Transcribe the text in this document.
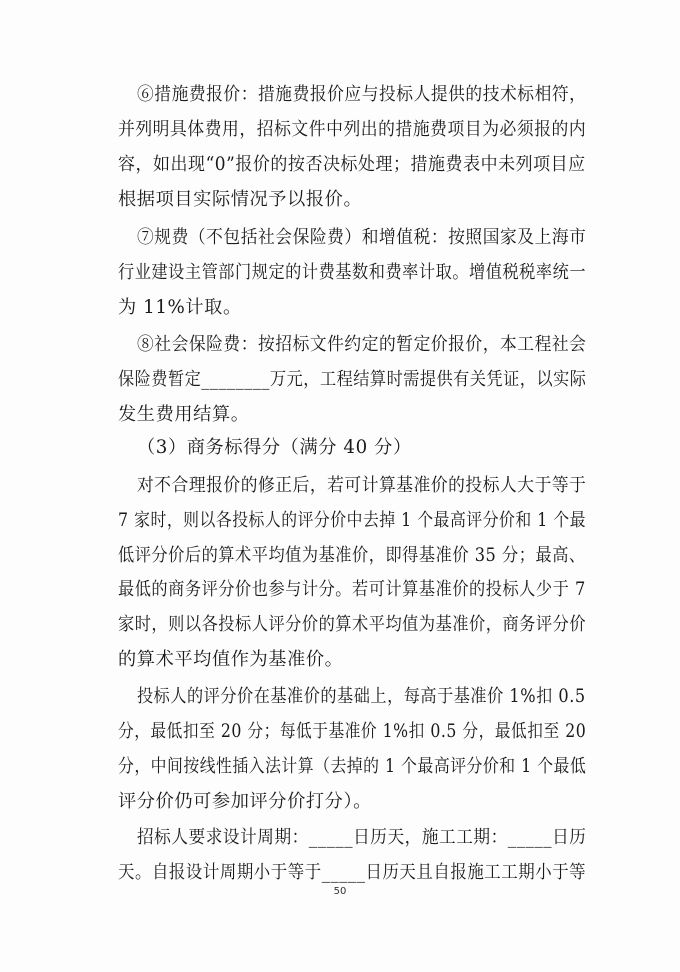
⑥措施费报价：措施费报价应与投标人提供的技术标相符，
并列明具体费用，招标文件中列出的措施费项目为必须报的内
容，如出现“0”报价的按否决标处理；措施费表中未列项目应
根据项目实际情况予以报价。
⑦规费（不包括社会保险费）和增值税：按照国家及上海市
行业建设主管部门规定的计费基数和费率计取。增值税税率统一
为 11%计取。
⑧社会保险费：按招标文件约定的暂定价报价，本工程社会
保险费暂定________万元，工程结算时需提供有关凭证，以实际
发生费用结算。
（3）商务标得分（满分 40 分）
对不合理报价的修正后，若可计算基准价的投标人大于等于
7 家时，则以各投标人的评分价中去掉 1 个最高评分价和 1 个最
低评分价后的算术平均值为基准价，即得基准价 35 分；最高、
最低的商务评分价也参与计分。若可计算基准价的投标人少于 7
家时，则以各投标人评分价的算术平均值为基准价，商务评分价
的算术平均值作为基准价。
投标人的评分价在基准价的基础上，每高于基准价 1%扣 0.5
分，最低扣至 20 分；每低于基准价 1%扣 0.5 分，最低扣至 20
分，中间按线性插入法计算（去掉的 1 个最高评分价和 1 个最低
评分价仍可参加评分价打分）。
招标人要求设计周期：_____日历天，施工工期：_____日历
天。自报设计周期小于等于_____日历天且自报施工工期小于等
50
